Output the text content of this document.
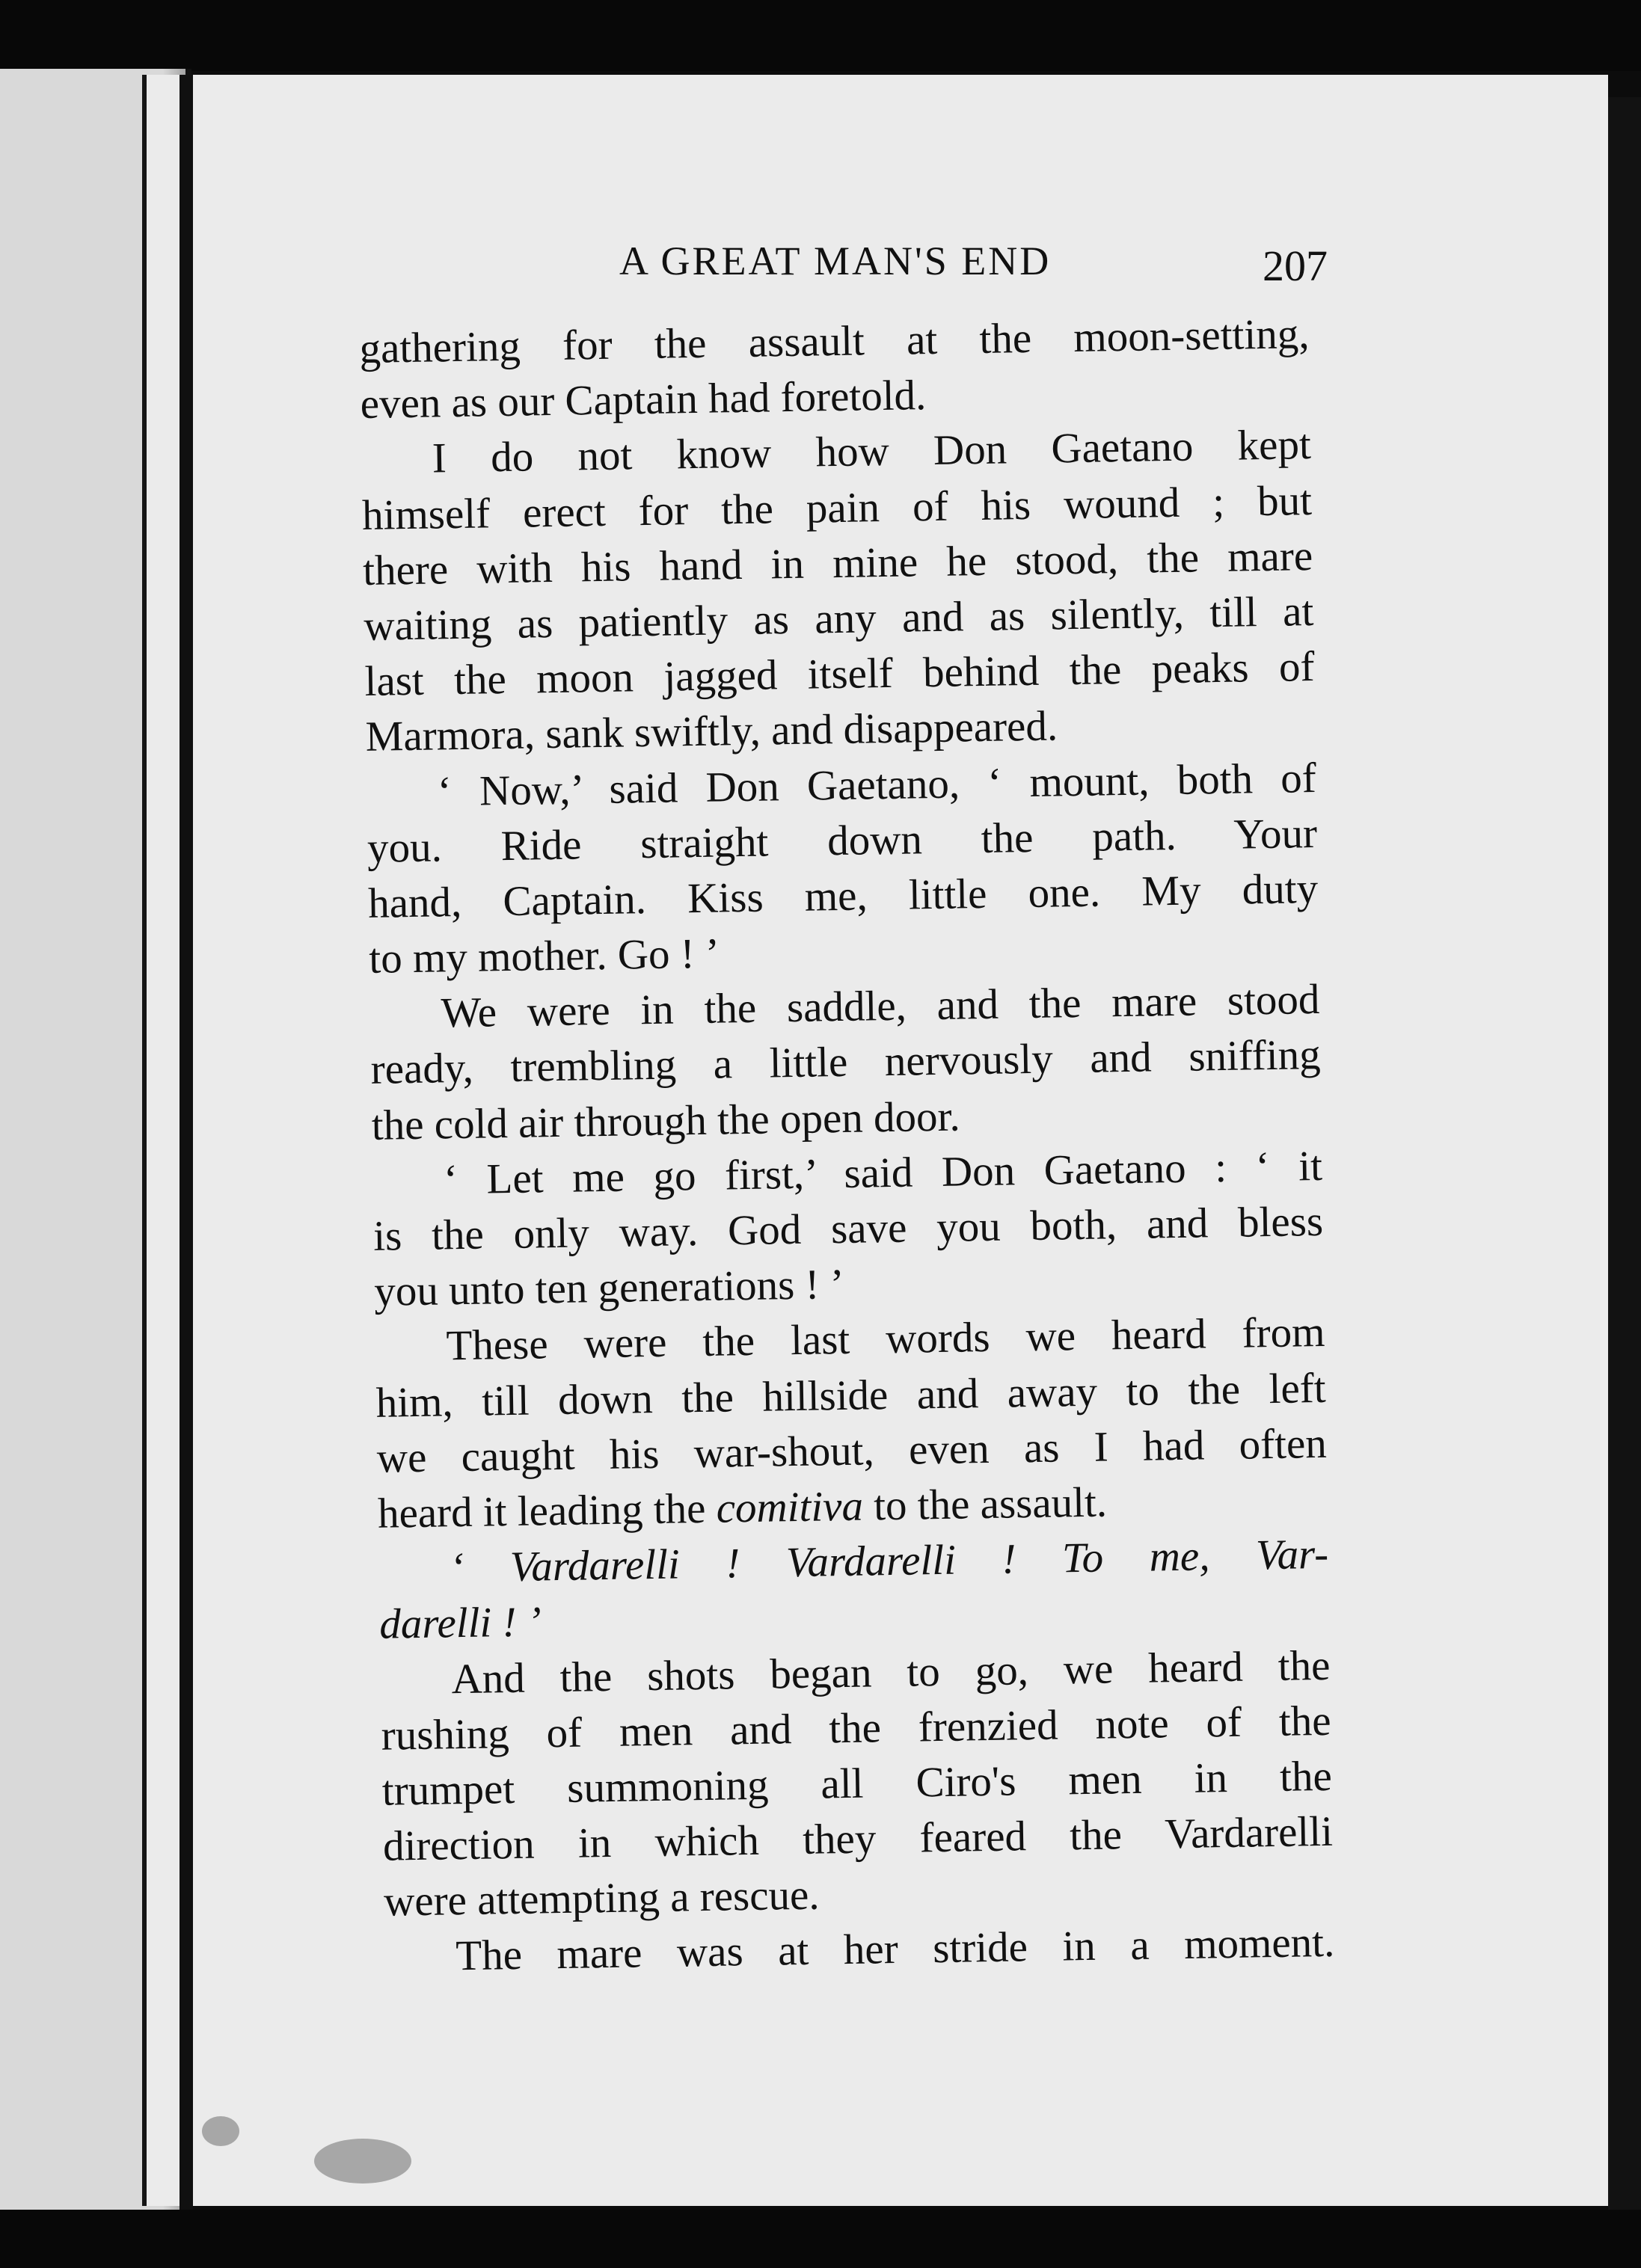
A GREAT MAN'S END	207
gathering for the assault at the moon-setting,
even as our Captain had foretold.
I do not know how Don Gaetano kept
himself erect for the pain of his wound ; but
there with his hand in mine he stood, the mare
waiting as patiently as any and as silently, till at
last the moon jagged itself behind the peaks of
Marmora, sank swiftly, and disappeared.
‘ Now,’ said Don Gaetano, ‘ mount, both of
you. Ride straight down the path. Your
hand, Captain. Kiss me, little one. My duty
to my mother. Go ! ’
We were in the saddle, and the mare stood
ready, trembling a little nervously and sniffing
the cold air through the open door.
‘ Let me go first,’ said Don Gaetano : ‘ it
is the only way. God save you both, and bless
you unto ten generations ! ’
These were the last words we heard from
him, till down the hillside and away to the left
we caught his war-shout, even as I had often
heard it leading the comitiva to the assault.
‘ Vardarelli ! Vardarelli ! To me, Var-
darelli ! ’
And the shots began to go, we heard the
rushing of men and the frenzied note of the
trumpet summoning all Ciro's men in the
direction in which they feared the Vardarelli
were attempting a rescue.
The mare was at her stride in a moment.
